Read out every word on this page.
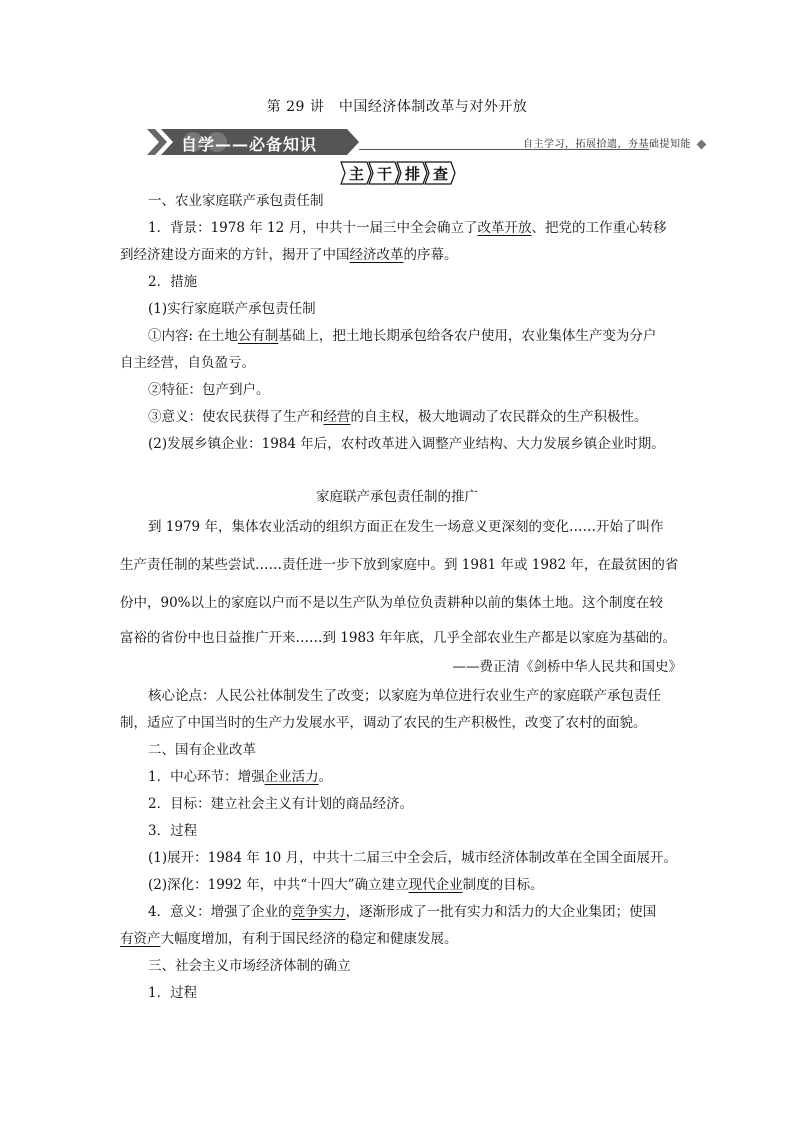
第 29 讲　中国经济体制改革与对外开放
自学——必备知识	自主学习，拓展拾遗，夯基础提知能
主 干 排 查
一、农业家庭联产承包责任制
1．背景：1978 年 12 月，中共十一届三中全会确立了改革开放、把党的工作重心转移
到经济建设方面来的方针，揭开了中国经济改革的序幕。
2．措施
(1)实行家庭联产承包责任制
①内容: 在土地公有制基础上，把土地长期承包给各农户使用，农业集体生产变为分户
自主经营，自负盈亏。
②特征：包产到户。
③意义：使农民获得了生产和经营的自主权，极大地调动了农民群众的生产积极性。
(2)发展乡镇企业：1984 年后，农村改革进入调整产业结构、大力发展乡镇企业时期。
家庭联产承包责任制的推广
到 1979 年，集体农业活动的组织方面正在发生一场意义更深刻的变化……开始了叫作
生产责任制的某些尝试……责任进一步下放到家庭中。到 1981 年或 1982 年，在最贫困的省
份中，90%以上的家庭以户而不是以生产队为单位负责耕种以前的集体土地。这个制度在较
富裕的省份中也日益推广开来……到 1983 年年底，几乎全部农业生产都是以家庭为基础的。
——费正清《剑桥中华人民共和国史》
核心论点：人民公社体制发生了改变；以家庭为单位进行农业生产的家庭联产承包责任
制，适应了中国当时的生产力发展水平，调动了农民的生产积极性，改变了农村的面貌。
二、国有企业改革
1．中心环节：增强企业活力。
2．目标：建立社会主义有计划的商品经济。
3．过程
(1)展开：1984 年 10 月，中共十二届三中全会后，城市经济体制改革在全国全面展开。
(2)深化：1992 年，中共“十四大”确立建立现代企业制度的目标。
4．意义：增强了企业的竞争实力，逐渐形成了一批有实力和活力的大企业集团；使国
有资产大幅度增加，有利于国民经济的稳定和健康发展。
三、社会主义市场经济体制的确立
1．过程
